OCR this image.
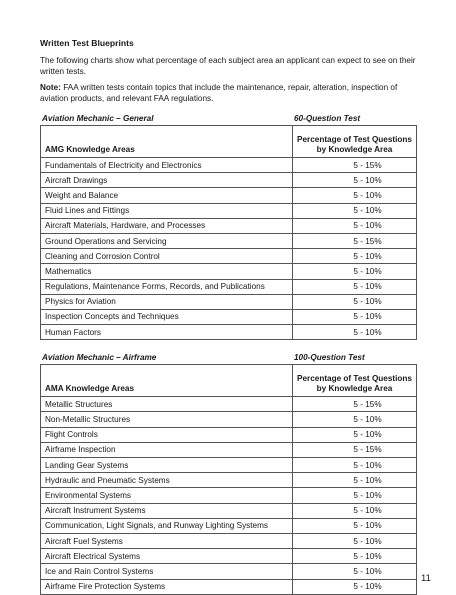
Written Test Blueprints
The following charts show what percentage of each subject area an applicant can expect to see on their written tests.
Note: FAA written tests contain topics that include the maintenance, repair, alteration, inspection of aviation products, and relevant FAA regulations.
Aviation Mechanic – General	60-Question Test
AMG Knowledge Areas	Percentage of Test Questions by Knowledge Area
Fundamentals of Electricity and Electronics	5 - 15%
Aircraft Drawings	5 - 10%
Weight and Balance	5 - 10%
Fluid Lines and Fittings	5 - 10%
Aircraft Materials, Hardware, and Processes	5 - 10%
Ground Operations and Servicing	5 - 15%
Cleaning and Corrosion Control	5 - 10%
Mathematics	5 - 10%
Regulations, Maintenance Forms, Records, and Publications	5 - 10%
Physics for Aviation	5 - 10%
Inspection Concepts and Techniques	5 - 10%
Human Factors	5 - 10%
Aviation Mechanic – Airframe	100-Question Test
AMA Knowledge Areas	Percentage of Test Questions by Knowledge Area
Metallic Structures	5 - 15%
Non-Metallic Structures	5 - 10%
Flight Controls	5 - 10%
Airframe Inspection	5 - 15%
Landing Gear Systems	5 - 10%
Hydraulic and Pneumatic Systems	5 - 10%
Environmental Systems	5 - 10%
Aircraft Instrument Systems	5 - 10%
Communication, Light Signals, and Runway Lighting Systems	5 - 10%
Aircraft Fuel Systems	5 - 10%
Aircraft Electrical Systems	5 - 10%
Ice and Rain Control Systems	5 - 10%
Airframe Fire Protection Systems	5 - 10%
11
